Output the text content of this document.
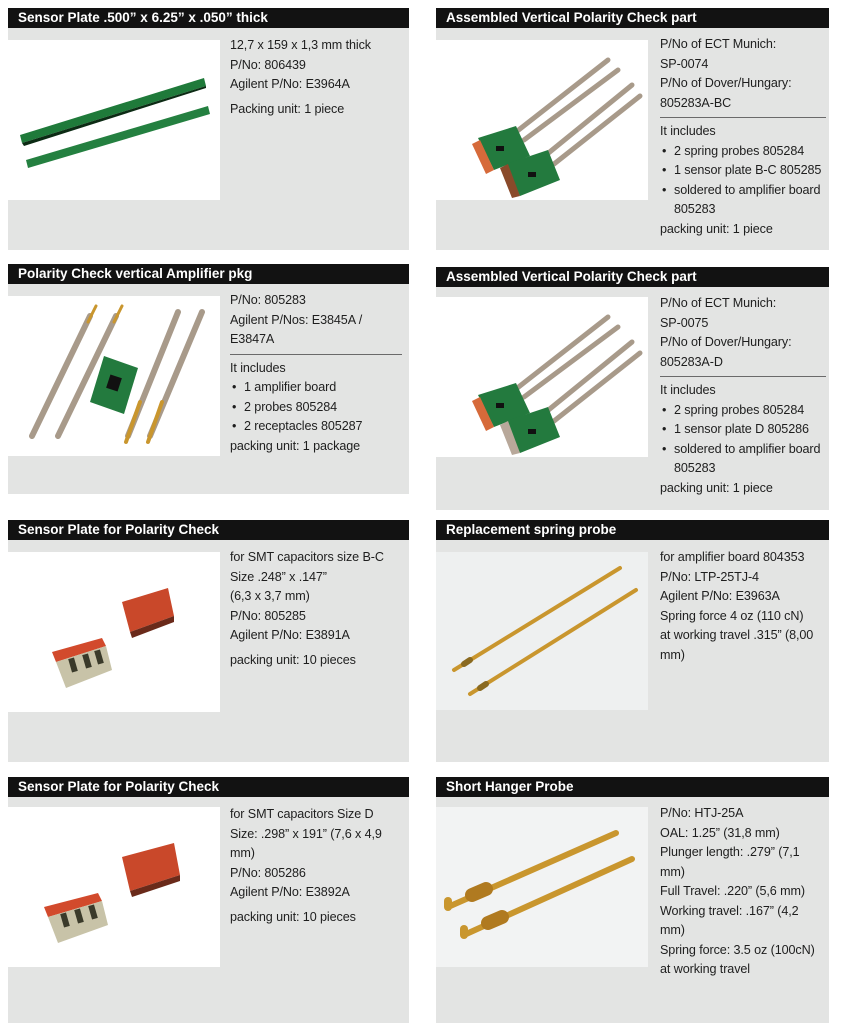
Sensor Plate .500” x 6.25” x .050” thick
12,7 x 159 x 1,3 mm thick
P/No: 806439
Agilent P/No: E3964A
Packing unit: 1 piece
Assembled Vertical Polarity Check part
P/No of ECT Munich:
SP-0074
P/No of Dover/Hungary:
805283A-BC
It includes
• 2 spring probes 805284
• 1 sensor plate B-C 805285
• soldered to amplifier board
805283
packing unit: 1 piece
Polarity Check vertical Amplifier pkg
P/No: 805283
Agilent P/Nos: E3845A /
E3847A
It includes
• 1 amplifier board
• 2 probes 805284
• 2 receptacles 805287
packing unit: 1 package
Assembled Vertical Polarity Check part
P/No of ECT Munich:
SP-0075
P/No of Dover/Hungary:
805283A-D
It includes
• 2 spring probes 805284
• 1 sensor plate D 805286
• soldered to amplifier board
805283
packing unit: 1 piece
Sensor Plate for Polarity Check
for SMT capacitors size B-C
Size .248” x .147”
(6,3 x 3,7 mm)
P/No: 805285
Agilent P/No: E3891A
packing unit: 10 pieces
Replacement spring probe
for amplifier board 804353
P/No: LTP-25TJ-4
Agilent P/No: E3963A
Spring force 4 oz (110 cN)
at working travel .315” (8,00
mm)
Sensor Plate for Polarity Check
for SMT capacitors Size D
Size: .298” x 191” (7,6 x 4,9
mm)
P/No: 805286
Agilent P/No: E3892A
packing unit: 10 pieces
Short Hanger Probe
P/No: HTJ-25A
OAL: 1.25” (31,8 mm)
Plunger length: .279” (7,1
mm)
Full Travel: .220” (5,6 mm)
Working travel: .167” (4,2
mm)
Spring force: 3.5 oz (100cN)
at working travel
